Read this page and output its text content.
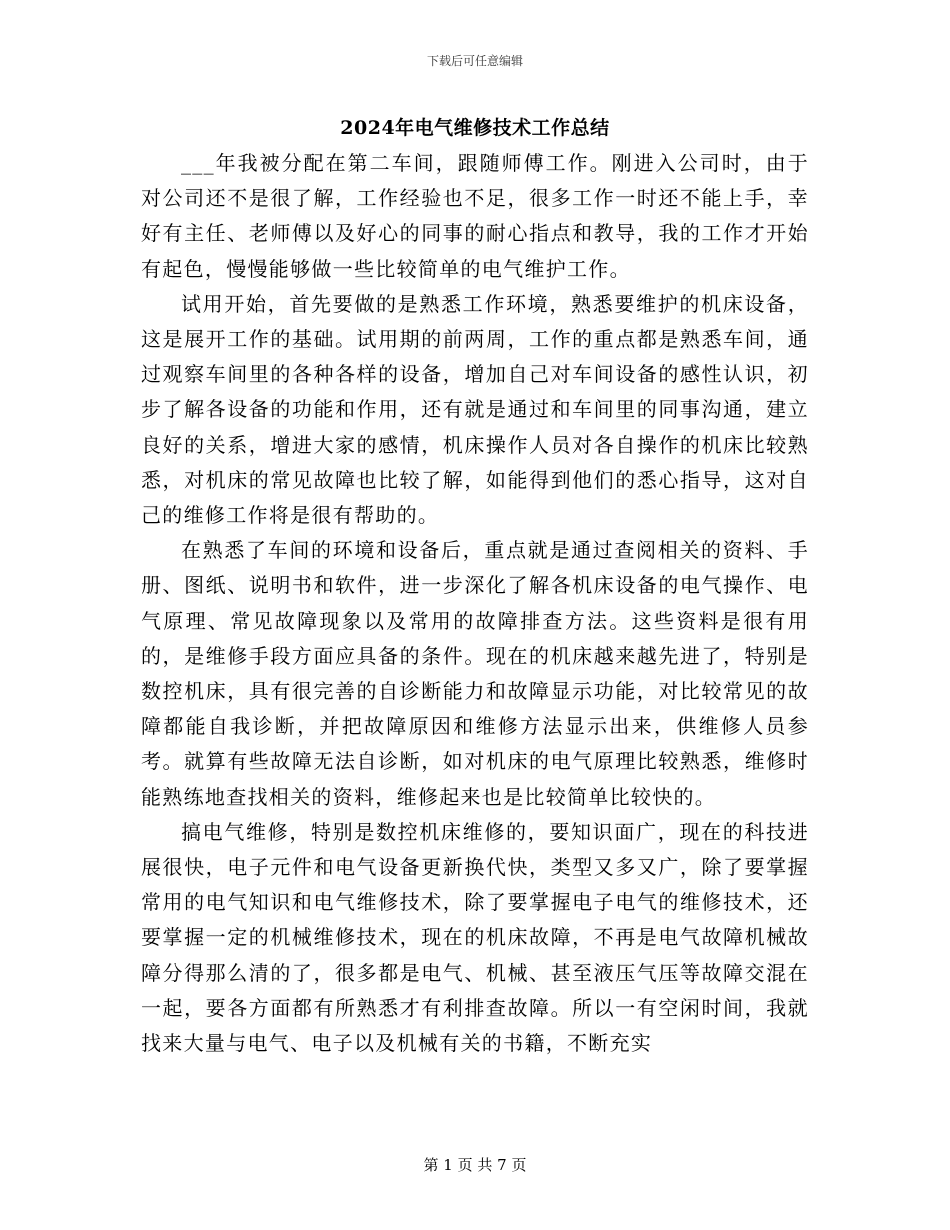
下载后可任意编辑
2024年电气维修技术工作总结

___年我被分配在第二车间，跟随师傅工作。刚进入公司时，由于对公司还不是很了解，工作经验也不足，很多工作一时还不能上手，幸好有主任、老师傅以及好心的同事的耐心指点和教导，我的工作才开始有起色，慢慢能够做一些比较简单的电气维护工作。

试用开始，首先要做的是熟悉工作环境，熟悉要维护的机床设备，这是展开工作的基础。试用期的前两周，工作的重点都是熟悉车间，通过观察车间里的各种各样的设备，增加自己对车间设备的感性认识，初步了解各设备的功能和作用，还有就是通过和车间里的同事沟通，建立良好的关系，增进大家的感情，机床操作人员对各自操作的机床比较熟悉，对机床的常见故障也比较了解，如能得到他们的悉心指导，这对自己的维修工作将是很有帮助的。

在熟悉了车间的环境和设备后，重点就是通过查阅相关的资料、手册、图纸、说明书和软件，进一步深化了解各机床设备的电气操作、电气原理、常见故障现象以及常用的故障排查方法。这些资料是很有用的，是维修手段方面应具备的条件。现在的机床越来越先进了，特别是数控机床，具有很完善的自诊断能力和故障显示功能，对比较常见的故障都能自我诊断，并把故障原因和维修方法显示出来，供维修人员参考。就算有些故障无法自诊断，如对机床的电气原理比较熟悉，维修时能熟练地查找相关的资料，维修起来也是比较简单比较快的。

搞电气维修，特别是数控机床维修的，要知识面广，现在的科技进展很快，电子元件和电气设备更新换代快，类型又多又广，除了要掌握常用的电气知识和电气维修技术，除了要掌握电子电气的维修技术，还要掌握一定的机械维修技术，现在的机床故障，不再是电气故障机械故障分得那么清的了，很多都是电气、机械、甚至液压气压等故障交混在一起，要各方面都有所熟悉才有利排查故障。所以一有空闲时间，我就找来大量与电气、电子以及机械有关的书籍，不断充实

第 1 页 共 7 页
